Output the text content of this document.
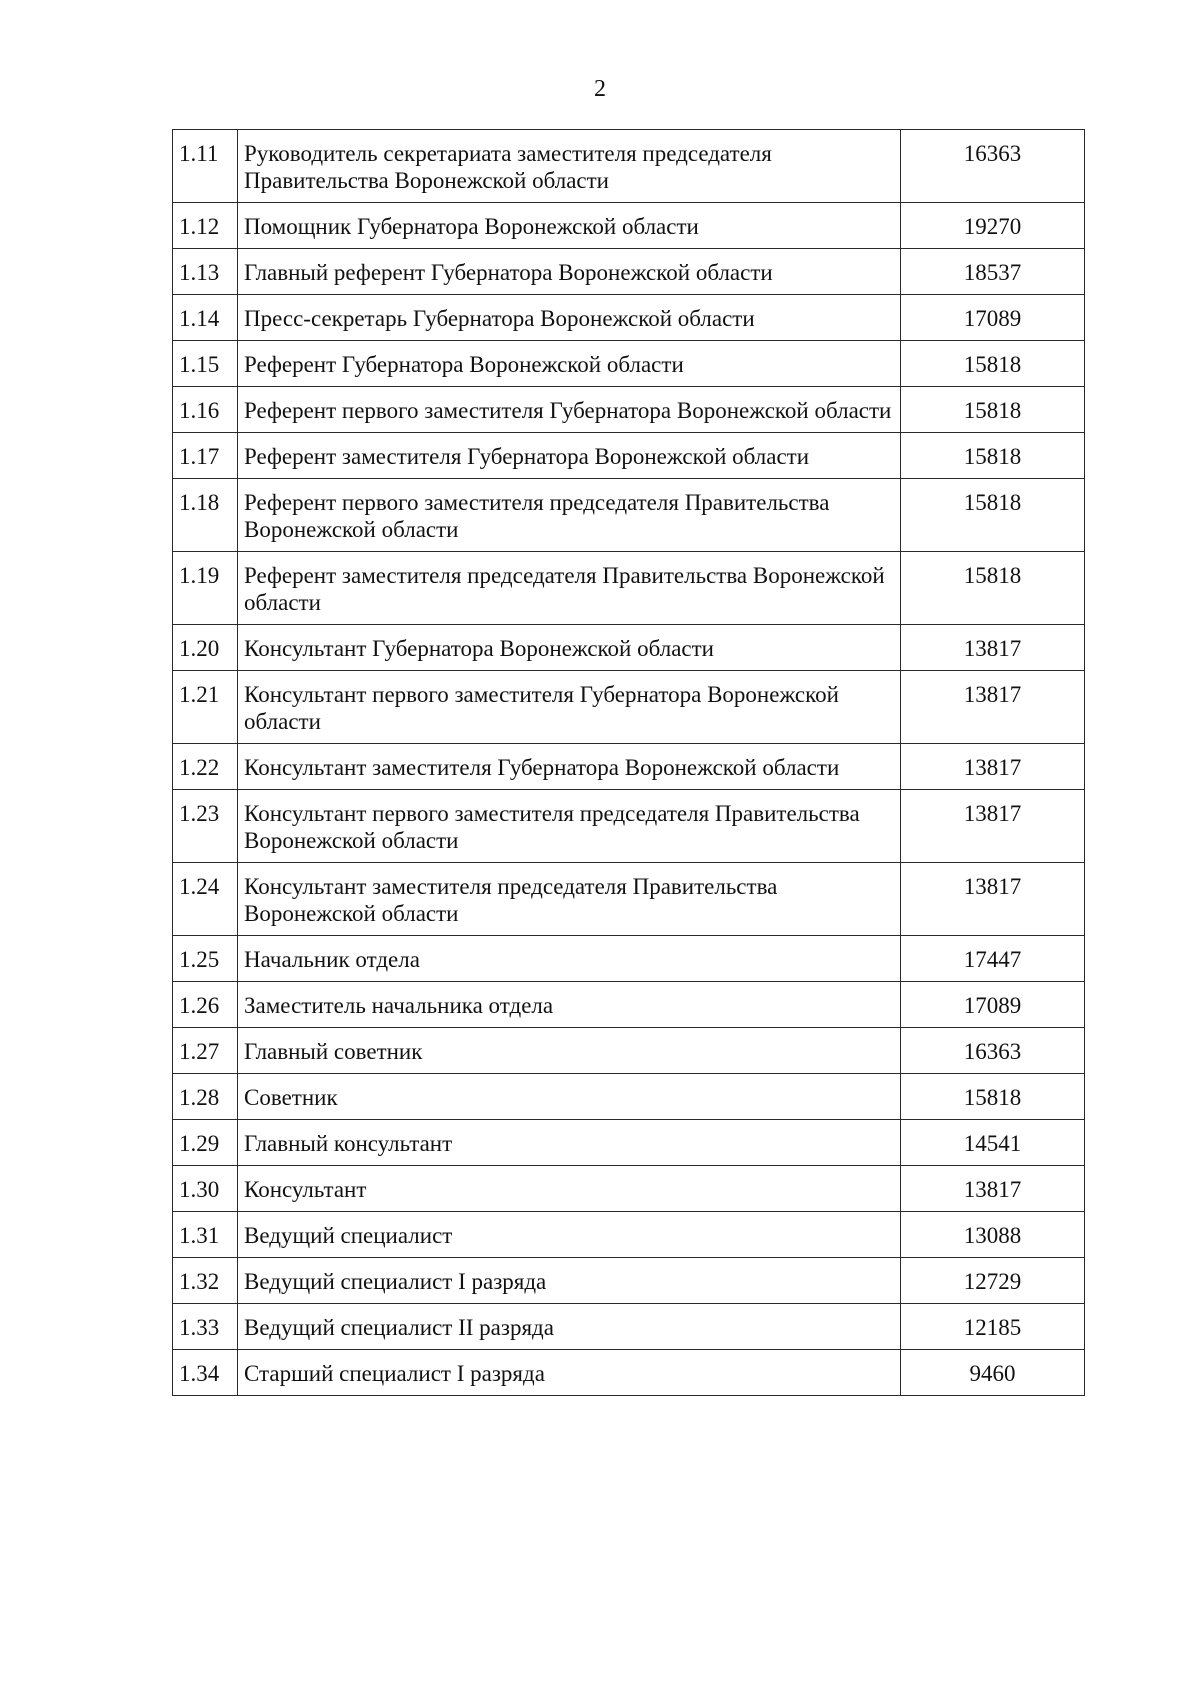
2
1.11	Руководитель секретариата заместителя председателя Правительства Воронежской области	16363
1.12	Помощник Губернатора Воронежской области	19270
1.13	Главный референт Губернатора Воронежской области	18537
1.14	Пресс-секретарь Губернатора Воронежской области	17089
1.15	Референт Губернатора Воронежской области	15818
1.16	Референт первого заместителя Губернатора Воронежской области	15818
1.17	Референт заместителя Губернатора Воронежской области	15818
1.18	Референт первого заместителя председателя Правительства Воронежской области	15818
1.19	Референт заместителя председателя Правительства Воронежской области	15818
1.20	Консультант Губернатора Воронежской области	13817
1.21	Консультант первого заместителя Губернатора Воронежской области	13817
1.22	Консультант заместителя Губернатора Воронежской области	13817
1.23	Консультант первого заместителя председателя Правительства Воронежской области	13817
1.24	Консультант заместителя председателя Правительства Воронежской области	13817
1.25	Начальник отдела	17447
1.26	Заместитель начальника отдела	17089
1.27	Главный советник	16363
1.28	Советник	15818
1.29	Главный консультант	14541
1.30	Консультант	13817
1.31	Ведущий специалист	13088
1.32	Ведущий специалист I разряда	12729
1.33	Ведущий специалист II разряда	12185
1.34	Старший специалист I разряда	9460
